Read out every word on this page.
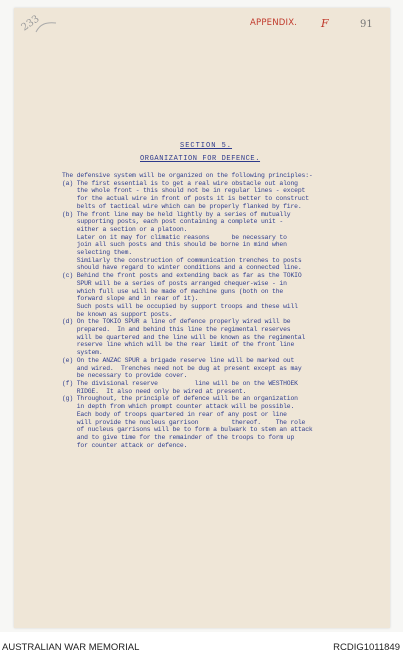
233	APPENDIX. F	91
SECTION 5.
ORGANIZATION FOR DEFENCE.
The defensive system will be organized on the following principles:-
(a) The first essential is to get a real wire obstacle out along
the whole front - this should not be in regular lines - except
for the actual wire in front of posts it is better to construct
belts of tactical wire which can be properly flanked by fire.
(b) The front line may be held lightly by a series of mutually
supporting posts, each post containing a complete unit -
either a section or a platoon.
Later on it may for climatic reasons      be necessary to
join all such posts and this should be borne in mind when
selecting them.
Similarly the construction of communication trenches to posts
should have regard to winter conditions and a connected line.
(c) Behind the front posts and extending back as far as the TOKIO
SPUR will be a series of posts arranged chequer-wise - in
which full use will be made of machine guns (both on the
forward slope and in rear of it).
Such posts will be occupied by support troops and these will
be known as support posts.
(d) On the TOKIO SPUR a line of defence properly wired will be
prepared.  In and behind this line the regimental reserves
will be quartered and the line will be known as the regimental
reserve line which will be the rear limit of the front line
system.
(e) On the ANZAC SPUR a brigade reserve line will be marked out
and wired.  Trenches need not be dug at present except as may
be necessary to provide cover.
(f) The divisional reserve          line will be on the WESTHOEK
RIDGE.  It also need only be wired at present.
(g) Throughout, the principle of defence will be an organization
in depth from which prompt counter attack will be possible.
Each body of troops quartered in rear of any post or line
will provide the nucleus garrison         thereof.    The role
of nucleus garrisons will be to form a bulwark to stem an attack
and to give time for the remainder of the troops to form up
for counter attack or defence.
AUSTRALIAN WAR MEMORIAL	RCDIG1011849
